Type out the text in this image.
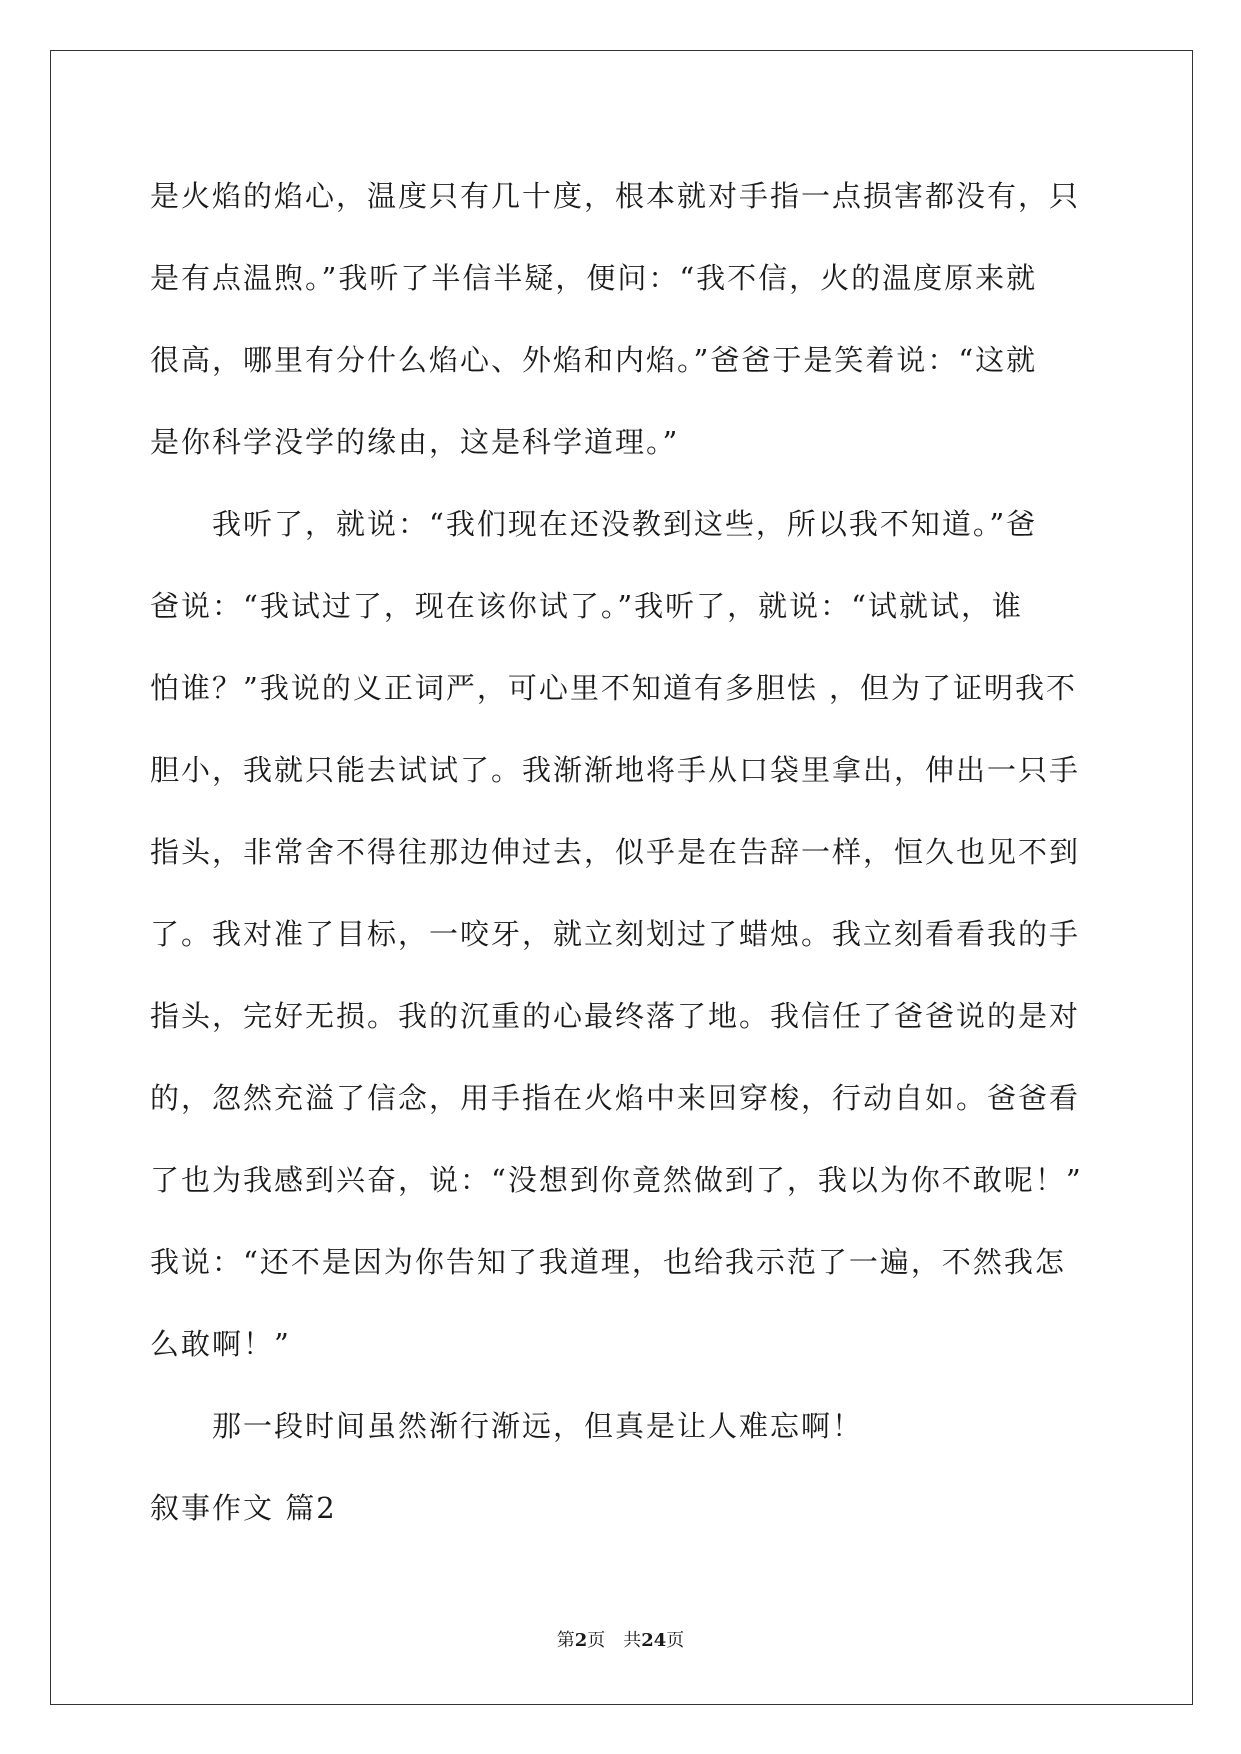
是火焰的焰心，温度只有几十度，根本就对手指一点损害都没有，只
是有点温煦。”我听了半信半疑，便问：“我不信，火的温度原来就
很高，哪里有分什么焰心、外焰和内焰。”爸爸于是笑着说：“这就
是你科学没学的缘由，这是科学道理。”
　　我听了，就说：“我们现在还没教到这些，所以我不知道。”爸
爸说：“我试过了，现在该你试了。”我听了，就说：“试就试，谁
怕谁？”我说的义正词严，可心里不知道有多胆怯 ，但为了证明我不
胆小，我就只能去试试了。我渐渐地将手从口袋里拿出，伸出一只手
指头，非常舍不得往那边伸过去，似乎是在告辞一样，恒久也见不到
了。我对准了目标，一咬牙，就立刻划过了蜡烛。我立刻看看我的手
指头，完好无损。我的沉重的心最终落了地。我信任了爸爸说的是对
的，忽然充溢了信念，用手指在火焰中来回穿梭，行动自如。爸爸看
了也为我感到兴奋，说：“没想到你竟然做到了，我以为你不敢呢！”
我说：“还不是因为你告知了我道理，也给我示范了一遍，不然我怎
么敢啊！”
　　那一段时间虽然渐行渐远，但真是让人难忘啊！
叙事作文 篇2
第2页　共24页
